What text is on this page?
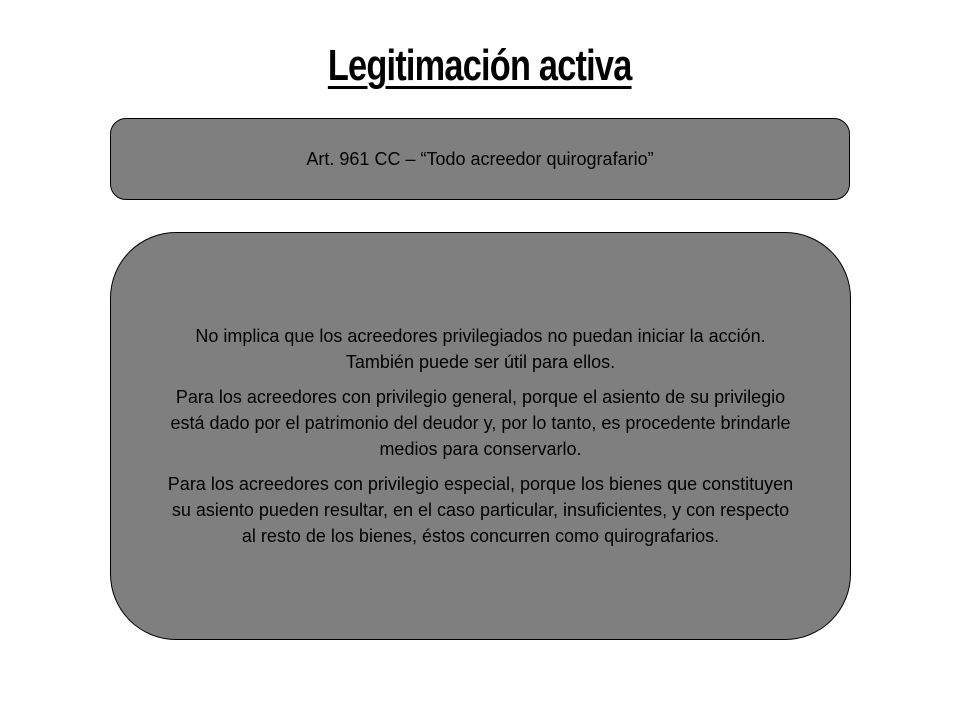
Legitimación activa

Art. 961 CC – “Todo acreedor quirografario”

No implica que los acreedores privilegiados no puedan iniciar la acción. También puede ser útil para ellos.

Para los acreedores con privilegio general, porque el asiento de su privilegio está dado por el patrimonio del deudor y, por lo tanto, es procedente brindarle medios para conservarlo.

Para los acreedores con privilegio especial, porque los bienes que constituyen su asiento pueden resultar, en el caso particular, insuficientes, y con respecto al resto de los bienes, éstos concurren como quirografarios.
